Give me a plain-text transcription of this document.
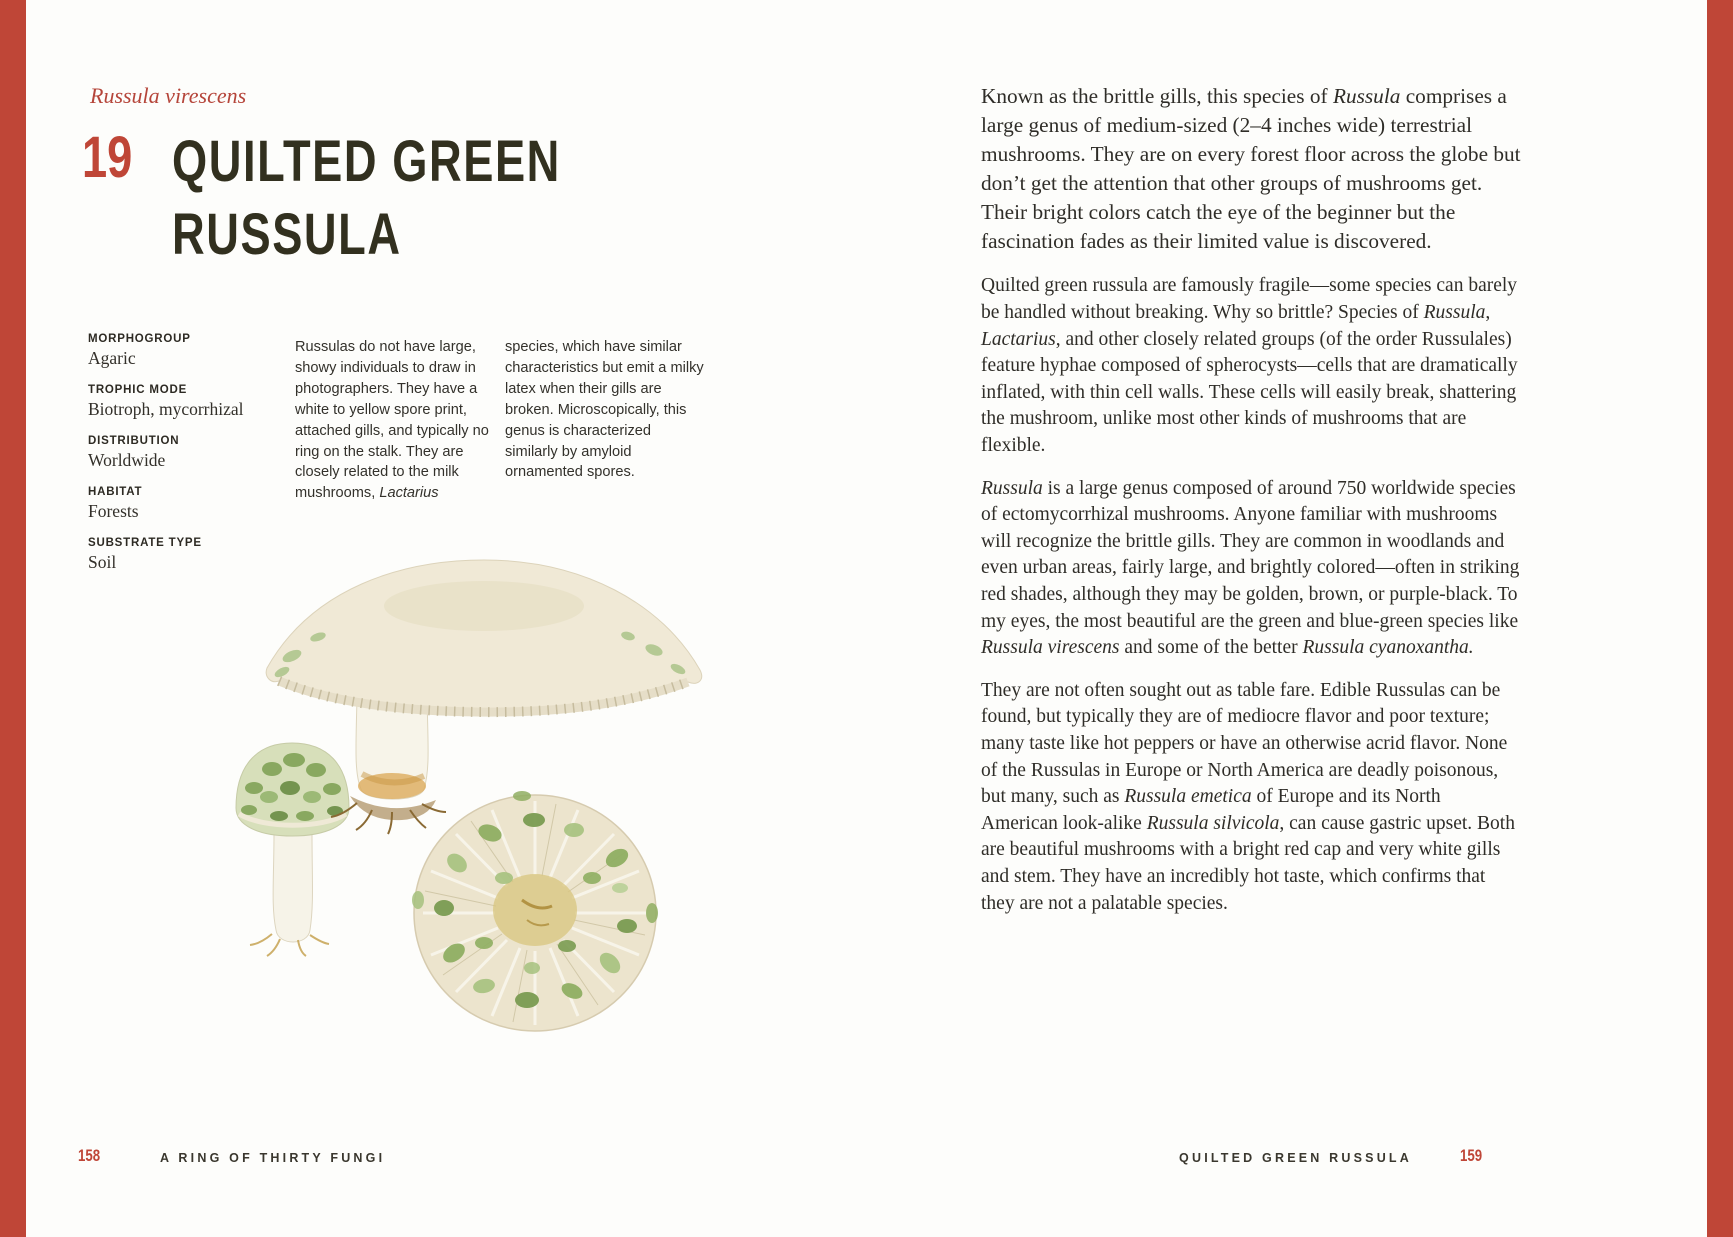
Russula virescens
19 QUILTED GREEN
RUSSULA
MORPHOGROUP
Agaric
TROPHIC MODE
Biotroph, mycorrhizal
DISTRIBUTION
Worldwide
HABITAT
Forests
SUBSTRATE TYPE
Soil
Russulas do not have large, showy individuals to draw in photographers. They have a white to yellow spore print, attached gills, and typically no ring on the stalk. They are closely related to the milk mushrooms, Lactarius
species, which have similar characteristics but emit a milky latex when their gills are broken. Microscopically, this genus is characterized similarly by amyloid ornamented spores.

Known as the brittle gills, this species of Russula comprises a large genus of medium-sized (2–4 inches wide) terrestrial mushrooms. They are on every forest floor across the globe but don’t get the attention that other groups of mushrooms get. Their bright colors catch the eye of the beginner but the fascination fades as their limited value is discovered.

Quilted green russula are famously fragile—some species can barely be handled without breaking. Why so brittle? Species of Russula, Lactarius, and other closely related groups (of the order Russulales) feature hyphae composed of spherocysts—cells that are dramatically inflated, with thin cell walls. These cells will easily break, shattering the mushroom, unlike most other kinds of mushrooms that are flexible.

Russula is a large genus composed of around 750 worldwide species of ectomycorrhizal mushrooms. Anyone familiar with mushrooms will recognize the brittle gills. They are common in woodlands and even urban areas, fairly large, and brightly colored—often in striking red shades, although they may be golden, brown, or purple-black. To my eyes, the most beautiful are the green and blue-green species like Russula virescens and some of the better Russula cyanoxantha.

They are not often sought out as table fare. Edible Russulas can be found, but typically they are of mediocre flavor and poor texture; many taste like hot peppers or have an otherwise acrid flavor. None of the Russulas in Europe or North America are deadly poisonous, but many, such as Russula emetica of Europe and its North American look-alike Russula silvicola, can cause gastric upset. Both are beautiful mushrooms with a bright red cap and very white gills and stem. They have an incredibly hot taste, which confirms that they are not a palatable species.

158	A RING OF THIRTY FUNGI	QUILTED GREEN RUSSULA	159
